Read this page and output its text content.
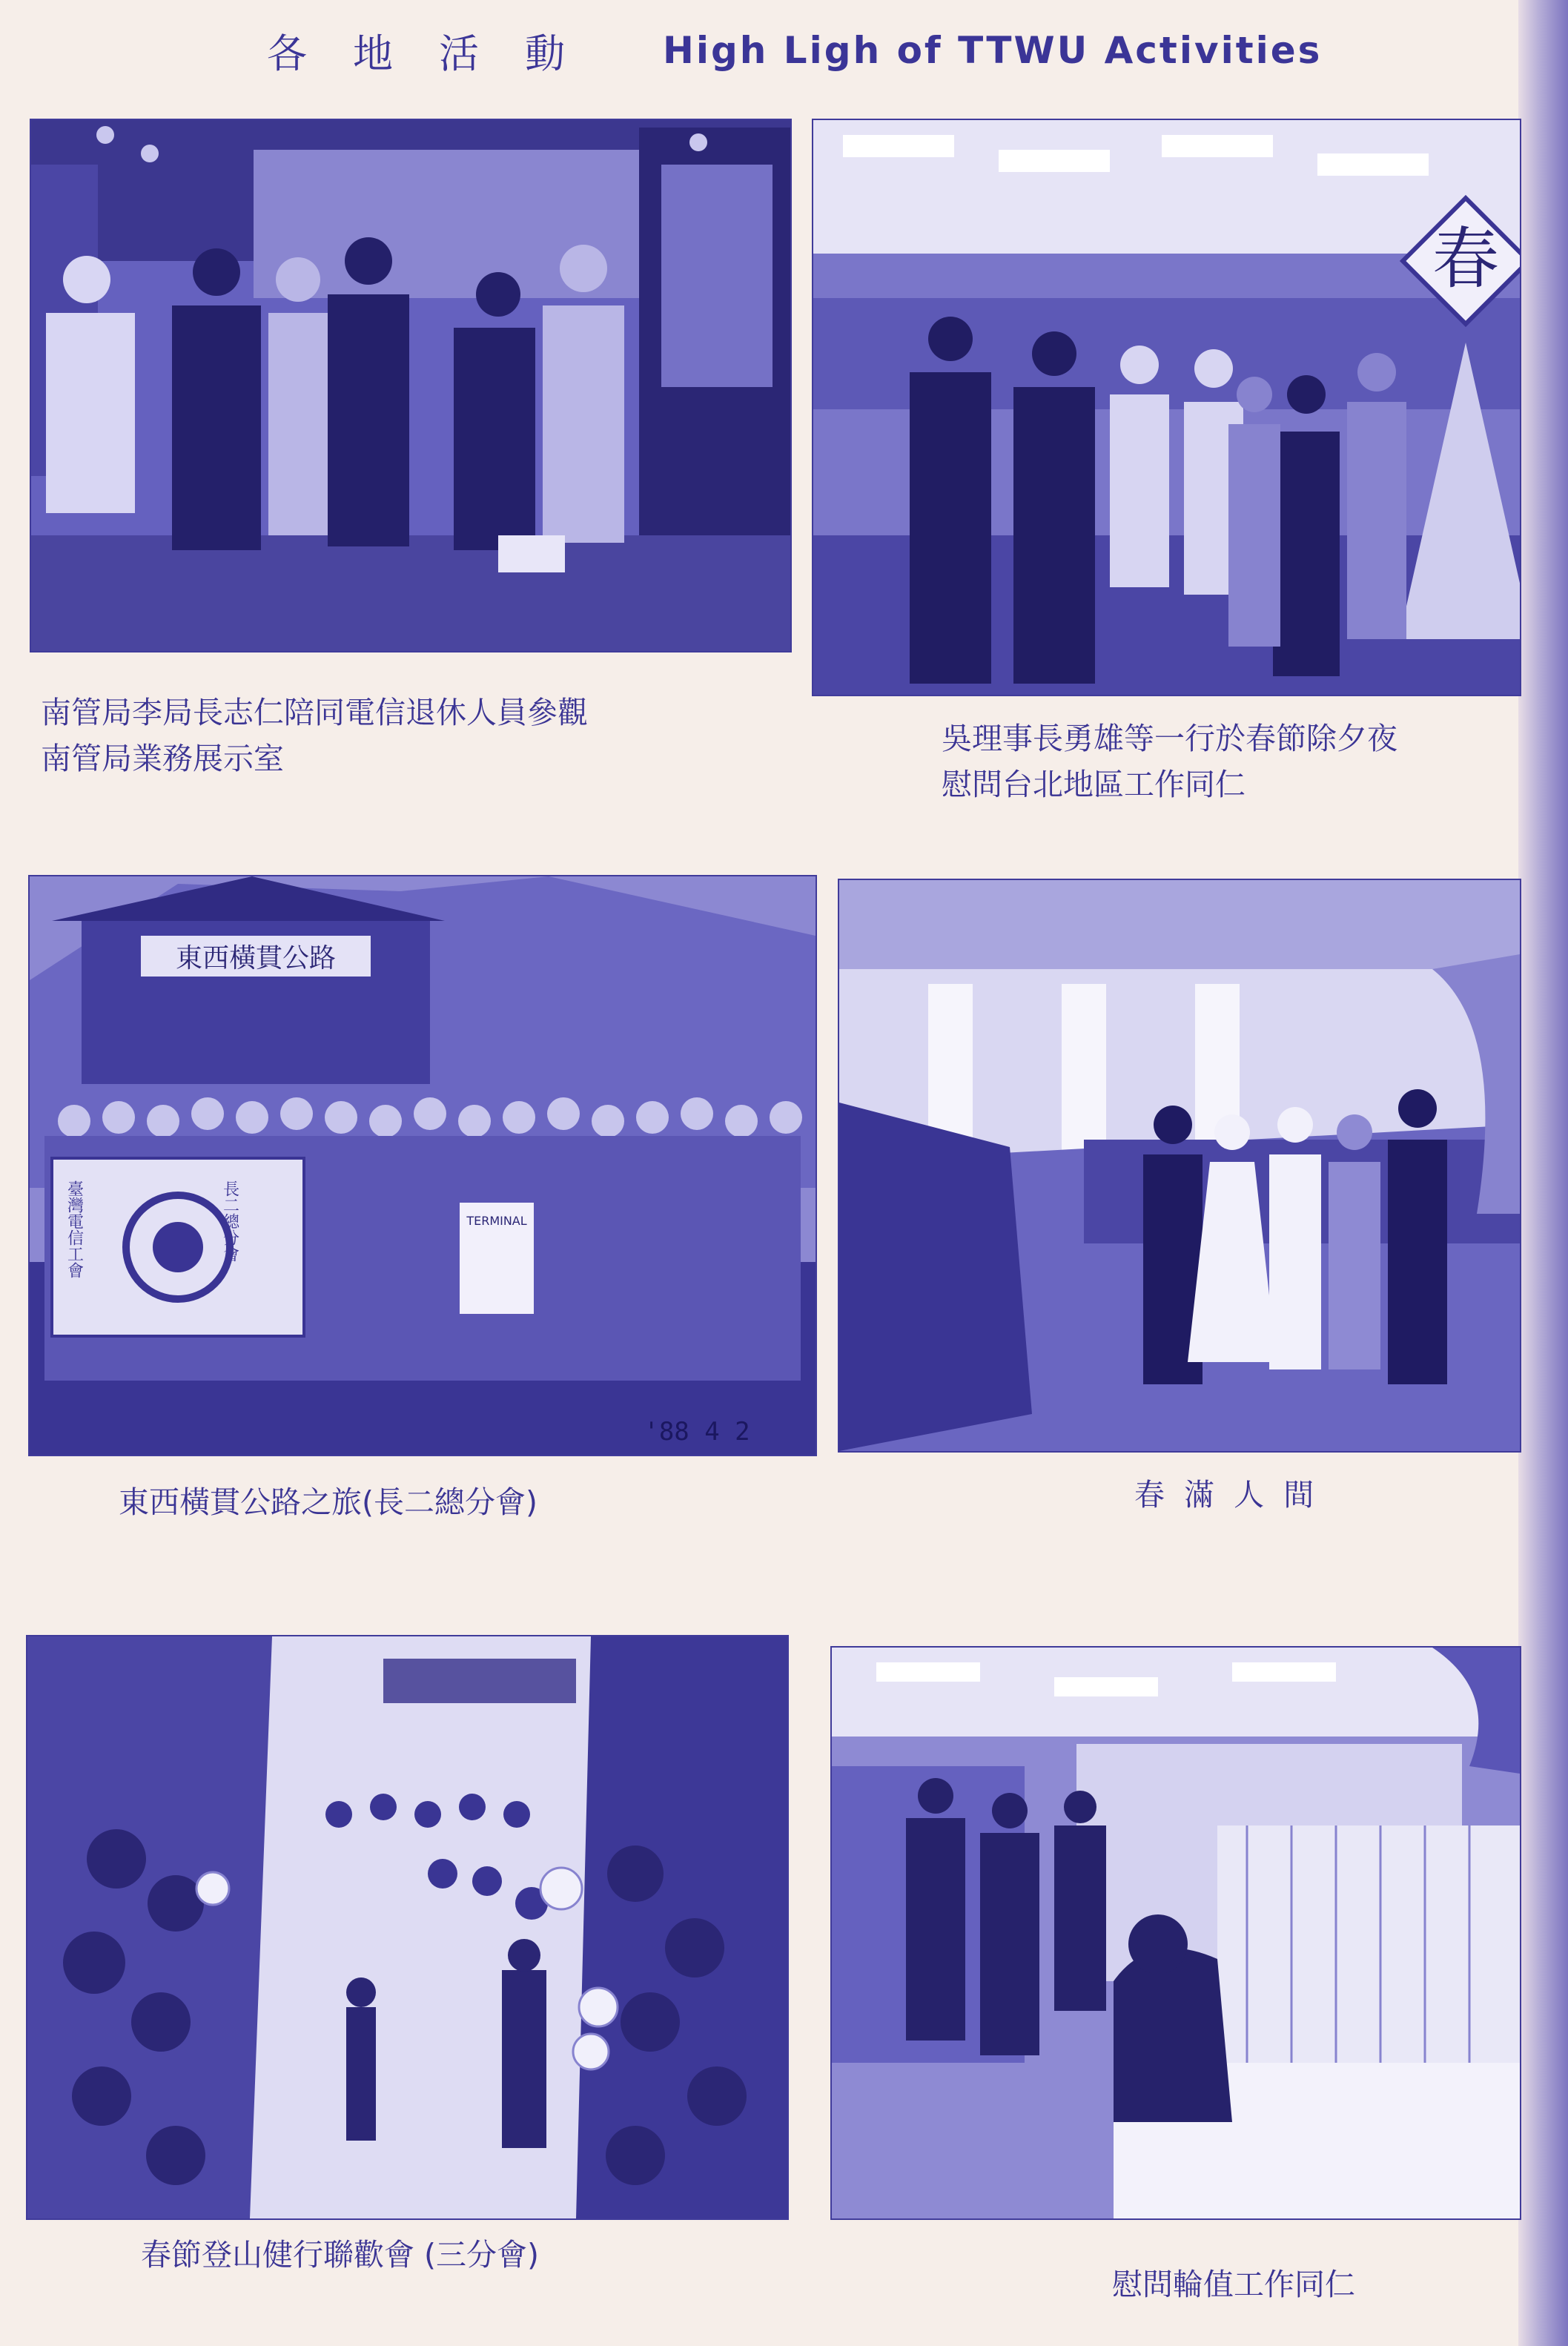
各地活動 High Ligh of TTWU Activities
南管局李局長志仁陪同電信退休人員參觀
南管局業務展示室
春
吳理事長勇雄等一行於春節除夕夜
慰問台北地區工作同仁
東西橫貫公路
長二總分會
臺灣電信工會	TERMINAL
'88 4 2
東西橫貫公路之旅(長二總分會)	春  滿  人  間
春節登山健行聯歡會 (三分會)
慰問輪值工作同仁
